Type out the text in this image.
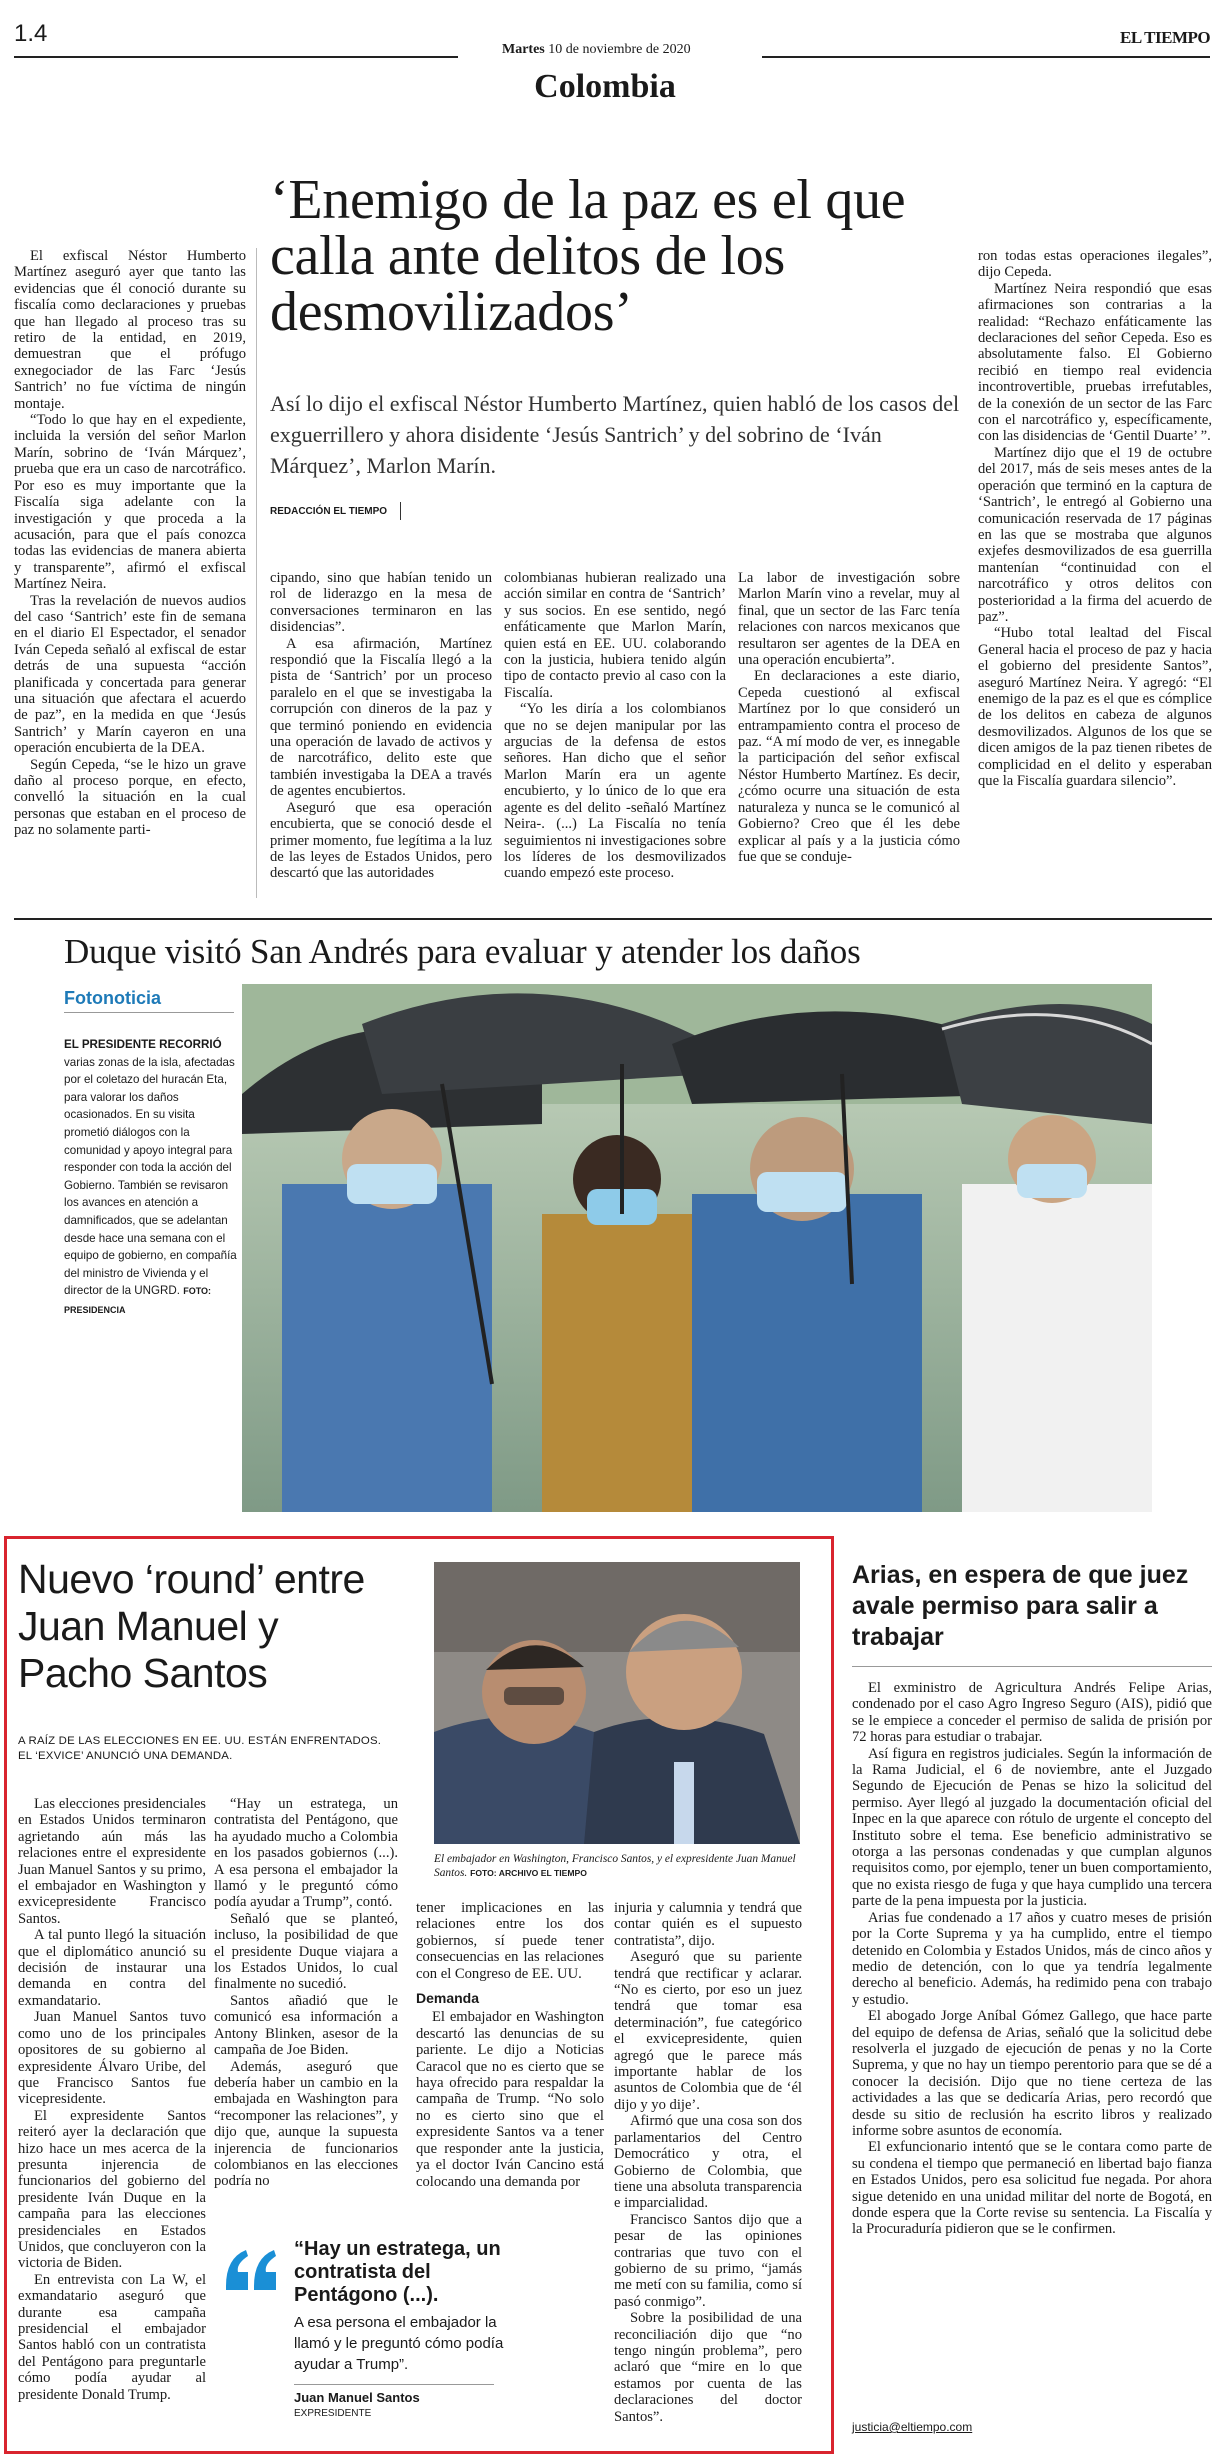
1.4
Martes 10 de noviembre de 2020
EL TIEMPO
Colombia
‘Enemigo de la paz es el que calla ante delitos de los desmovilizados’
Así lo dijo el exfiscal Néstor Humberto Martínez, quien habló de los casos del exguerrillero y ahora disidente ‘Jesús Santrich’ y del sobrino de ‘Iván Márquez’, Marlon Marín.
REDACCIÓN EL TIEMPO

El exfiscal Néstor Humberto Martínez aseguró ayer que tanto las evidencias que él conoció durante su fiscalía como declaraciones y pruebas que han llegado al proceso tras su retiro de la entidad, en 2019, demuestran que el prófugo exnegociador de las Farc ‘Jesús Santrich’ no fue víctima de ningún montaje.

“Todo lo que hay en el expediente, incluida la versión del señor Marlon Marín, sobrino de ‘Iván Márquez’, prueba que era un caso de narcotráfico. Por eso es muy importante que la Fiscalía siga adelante con la investigación y que proceda a la acusación, para que el país conozca todas las evidencias de manera abierta y transparente”, afirmó el exfiscal Martínez Neira.

Tras la revelación de nuevos audios del caso ‘Santrich’ este fin de semana en el diario El Espectador, el senador Iván Cepeda señaló al exfiscal de estar detrás de una supuesta “acción planificada y concertada para generar una situación que afectara el acuerdo de paz”, en la medida en que ‘Jesús Santrich’ y Marín cayeron en una operación encubierta de la DEA.

Según Cepeda, “se le hizo un grave daño al proceso porque, en efecto, convelló la situación en la cual personas que estaban en el proceso de paz no solamente parti-

cipando, sino que habían tenido un rol de liderazgo en la mesa de conversaciones terminaron en las disidencias”.

A esa afirmación, Martínez respondió que la Fiscalía llegó a la pista de ‘Santrich’ por un proceso paralelo en el que se investigaba la corrupción con dineros de la paz y que terminó poniendo en evidencia una operación de lavado de activos y de narcotráfico, delito este que también investigaba la DEA a través de agentes encubiertos.

Aseguró que esa operación encubierta, que se conoció desde el primer momento, fue legítima a la luz de las leyes de Estados Unidos, pero descartó que las autoridades

colombianas hubieran realizado una acción similar en contra de ‘Santrich’ y sus socios. En ese sentido, negó enfáticamente que Marlon Marín, quien está en EE. UU. colaborando con la justicia, hubiera tenido algún tipo de contacto previo al caso con la Fiscalía.

“Yo les diría a los colombianos que no se dejen manipular por las argucias de la defensa de estos señores. Han dicho que el señor Marlon Marín era un agente encubierto, y lo único de lo que era agente es del delito -señaló Martínez Neira-. (...) La Fiscalía no tenía seguimientos ni investigaciones sobre los líderes de los desmovilizados cuando empezó este proceso.

La labor de investigación sobre Marlon Marín vino a revelar, muy al final, que un sector de las Farc tenía relaciones con narcos mexicanos que resultaron ser agentes de la DEA en una operación encubierta”.

En declaraciones a este diario, Cepeda cuestionó al exfiscal Martínez por lo que consideró un entrampamiento contra el proceso de paz. “A mí modo de ver, es innegable la participación del señor exfiscal Néstor Humberto Martínez. Es decir, ¿cómo ocurre una situación de esta naturaleza y nunca se le comunicó al Gobierno? Creo que él les debe explicar al país y a la justicia cómo fue que se conduje-

ron todas estas operaciones ilegales”, dijo Cepeda.

Martínez Neira respondió que esas afirmaciones son contrarias a la realidad: “Rechazo enfáticamente las declaraciones del señor Cepeda. Eso es absolutamente falso. El Gobierno recibió en tiempo real evidencia incontrovertible, pruebas irrefutables, de la conexión de un sector de las Farc con el narcotráfico y, específicamente, con las disidencias de ‘Gentil Duarte’ ”.

Martínez dijo que el 19 de octubre del 2017, más de seis meses antes de la operación que terminó en la captura de ‘Santrich’, le entregó al Gobierno una comunicación reservada de 17 páginas en las que se mostraba que algunos exjefes desmovilizados de esa guerrilla mantenían “continuidad con el narcotráfico y otros delitos con posterioridad a la firma del acuerdo de paz”.

“Hubo total lealtad del Fiscal General hacia el proceso de paz y hacia el gobierno del presidente Santos”, aseguró Martínez Neira. Y agregó: “El enemigo de la paz es el que es cómplice de los delitos en cabeza de algunos desmovilizados. Algunos de los que se dicen amigos de la paz tienen ribetes de complicidad en el delito y esperaban que la Fiscalía guardara silencio”.

Duque visitó San Andrés para evaluar y atender los daños
Fotonoticia
EL PRESIDENTE RECORRIÓ varias zonas de la isla, afectadas por el coletazo del huracán Eta, para valorar los daños ocasionados. En su visita prometió diálogos con la comunidad y apoyo integral para responder con toda la acción del Gobierno. También se revisaron los avances en atención a damnificados, que se adelantan desde hace una semana con el equipo de gobierno, en compañía del ministro de Vivienda y el director de la UNGRD. FOTO: PRESIDENCIA
Nuevo ‘round’ entre Juan Manuel y Pacho Santos
A RAÍZ DE LAS ELECCIONES EN EE. UU. ESTÁN ENFRENTADOS. EL ‘EXVICE’ ANUNCIÓ UNA DEMANDA.

Las elecciones presidenciales en Estados Unidos terminaron agrietando aún más las relaciones entre el expresidente Juan Manuel Santos y su primo, el embajador en Washington y exvicepresidente Francisco Santos.

A tal punto llegó la situación que el diplomático anunció su decisión de instaurar una demanda en contra del exmandatario.

Juan Manuel Santos tuvo como uno de los principales opositores de su gobierno al expresidente Álvaro Uribe, del que Francisco Santos fue vicepresidente.

El expresidente Santos reiteró ayer la declaración que hizo hace un mes acerca de la presunta injerencia de funcionarios del gobierno del presidente Iván Duque en la campaña para las elecciones presidenciales en Estados Unidos, que concluyeron con la victoria de Biden.

En entrevista con La W, el exmandatario aseguró que durante esa campaña presidencial el embajador Santos habló con un contratista del Pentágono para preguntarle cómo podía ayudar al presidente Donald Trump.

“Hay un estratega, un contratista del Pentágono, que ha ayudado mucho a Colombia en los pasados gobiernos (...). A esa persona el embajador la llamó y le preguntó cómo podía ayudar a Trump”, contó.

Señaló que se planteó, incluso, la posibilidad de que el presidente Duque viajara a los Estados Unidos, lo cual finalmente no sucedió.

Santos añadió que le comunicó esa información a Antony Blinken, asesor de la campaña de Joe Biden.

Además, aseguró que debería haber un cambio en la embajada en Washington para “recomponer las relaciones”, y dijo que, aunque la supuesta injerencia de funcionarios colombianos en las elecciones podría no

El embajador en Washington, Francisco Santos, y el expresidente Juan Manuel Santos. FOTO: ARCHIVO EL TIEMPO

tener implicaciones en las relaciones entre los dos gobiernos, sí puede tener consecuencias en las relaciones con el Congreso de EE. UU.

Demanda

El embajador en Washington descartó las denuncias de su pariente. Le dijo a Noticias Caracol que no es cierto que se haya ofrecido para respaldar la campaña de Trump. “No solo no es cierto sino que el expresidente Santos va a tener que responder ante la justicia, ya el doctor Iván Cancino está colocando una demanda por

injuria y calumnia y tendrá que contar quién es el supuesto contratista”, dijo.

Aseguró que su pariente tendrá que rectificar y aclarar. “No es cierto, por eso un juez tendrá que tomar esa determinación”, fue categórico el exvicepresidente, quien agregó que le parece más importante hablar de los asuntos de Colombia que de ‘él dijo y yo dije’.

Afirmó que una cosa son dos parlamentarios del Centro Democrático y otra, el Gobierno de Colombia, que tiene una absoluta transparencia e imparcialidad.

Francisco Santos dijo que a pesar de las opiniones contrarias que tuvo con el gobierno de su primo, “jamás me metí con su familia, como sí pasó conmigo”.

Sobre la posibilidad de una reconciliación dijo que “no tengo ningún problema”, pero aclaró que “mire en lo que estamos por cuenta de las declaraciones del doctor Santos”.

“Hay un estratega, un contratista del Pentágono (...).
A esa persona el embajador la llamó y le preguntó cómo podía ayudar a Trump”.
Juan Manuel Santos
EXPRESIDENTE
Arias, en espera de que juez avale permiso para salir a trabajar

El exministro de Agricultura Andrés Felipe Arias, condenado por el caso Agro Ingreso Seguro (AIS), pidió que se le empiece a conceder el permiso de salida de prisión por 72 horas para estudiar o trabajar.

Así figura en registros judiciales. Según la información de la Rama Judicial, el 6 de noviembre, ante el Juzgado Segundo de Ejecución de Penas se hizo la solicitud del permiso. Ayer llegó al juzgado la documentación oficial del Inpec en la que aparece con rótulo de urgente el concepto del Instituto sobre el tema. Ese beneficio administrativo se otorga a las personas condenadas y que cumplan algunos requisitos como, por ejemplo, tener un buen comportamiento, que no exista riesgo de fuga y que haya cumplido una tercera parte de la pena impuesta por la justicia.

Arias fue condenado a 17 años y cuatro meses de prisión por la Corte Suprema y ya ha cumplido, entre el tiempo detenido en Colombia y Estados Unidos, más de cinco años y medio de detención, con lo que ya tendría legalmente derecho al beneficio. Además, ha redimido pena con trabajo y estudio.

El abogado Jorge Aníbal Gómez Gallego, que hace parte del equipo de defensa de Arias, señaló que la solicitud debe resolverla el juzgado de ejecución de penas y no la Corte Suprema, y que no hay un tiempo perentorio para que se dé a conocer la decisión. Dijo que no tiene certeza de las actividades a las que se dedicaría Arias, pero recordó que desde su sitio de reclusión ha escrito libros y realizado informe sobre asuntos de economía.

El exfuncionario intentó que se le contara como parte de su condena el tiempo que permaneció en libertad bajo fianza en Estados Unidos, pero esa solicitud fue negada. Por ahora sigue detenido en una unidad militar del norte de Bogotá, en donde espera que la Corte revise su sentencia. La Fiscalía y la Procuraduría pidieron que se le confirmen.

justicia@eltiempo.com
